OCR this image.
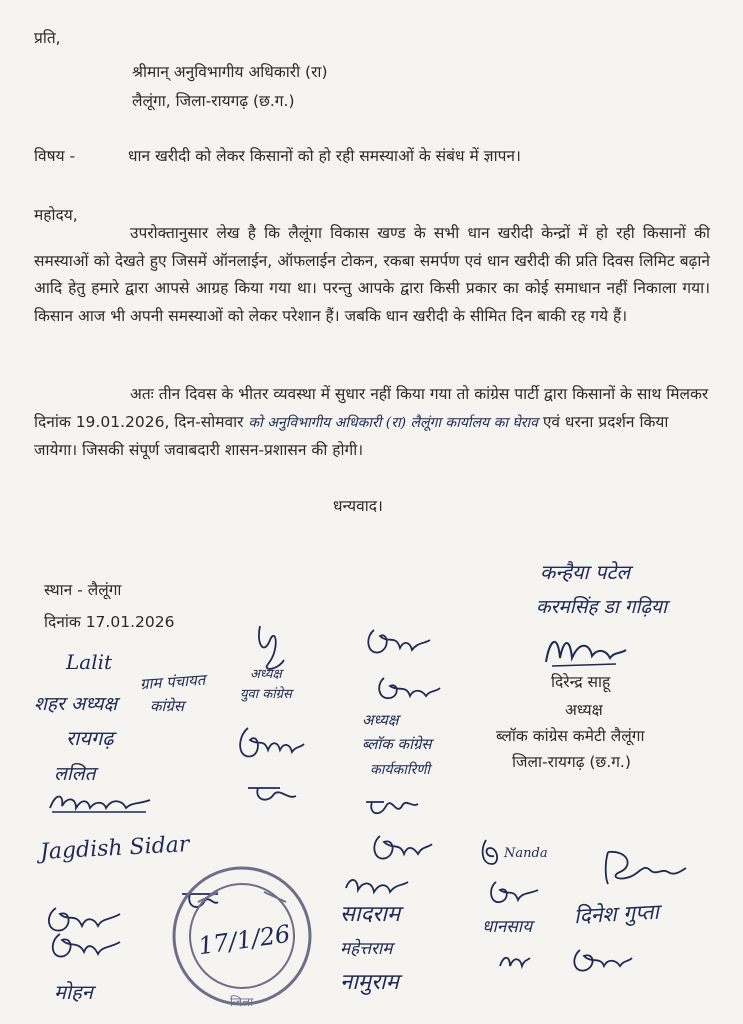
प्रति,
श्रीमान् अनुविभागीय अधिकारी (रा)
लैलूंगा, जिला-रायगढ़ (छ.ग.)
विषय -	धान खरीदी को लेकर किसानों को हो रही समस्याओं के संबंध में ज्ञापन।
महोदय,
उपरोक्तानुसार लेख है कि लैलूंगा विकास खण्ड के सभी धान खरीदी केन्द्रों में हो रही किसानों की समस्याओं को देखते हुए जिसमें ऑनलाईन, ऑफलाईन टोकन, रकबा समर्पण एवं धान खरीदी की प्रति दिवस लिमिट बढ़ाने आदि हेतु हमारे द्वारा आपसे आग्रह किया गया था। परन्तु आपके द्वारा किसी प्रकार का कोई समाधान नहीं निकाला गया। किसान आज भी अपनी समस्याओं को लेकर परेशान हैं। जबकि धान खरीदी के सीमित दिन बाकी रह गये हैं।
अतः तीन दिवस के भीतर व्यवस्था में सुधार नहीं किया गया तो कांग्रेस पार्टी द्वारा किसानों के साथ मिलकर दिनांक 19.01.2026, दिन-सोमवार को अनुविभागीय अधिकारी (रा) लैलूंगा कार्यालय का घेराव एवं धरना प्रदर्शन किया जायेगा। जिसकी संपूर्ण जवाबदारी शासन-प्रशासन की होगी।
धन्यवाद।
स्थान - लैलूंगा
दिनांक 17.01.2026
कन्हैया पटेल
करमसिंह डा गढ़िया
दिरेन्द्र साहू
अध्यक्ष
ब्लॉक कांग्रेस कमेटी लैलूंगा
जिला-रायगढ़ (छ.ग.)
Lalit
ग्राम पंचायत
शहर अध्यक्ष कांग्रेस
अध्यक्ष
युवा कांग्रेस
रायगढ़
ललित
अध्यक्ष
ब्लॉक कांग्रेस
कार्यकारिणी
Jagdish Sidar
सादराम
महेत्तराम
नामुराम
मोहन
Nanda
धानसाय दिनेश गुप्ता
17/1/26
जिला
